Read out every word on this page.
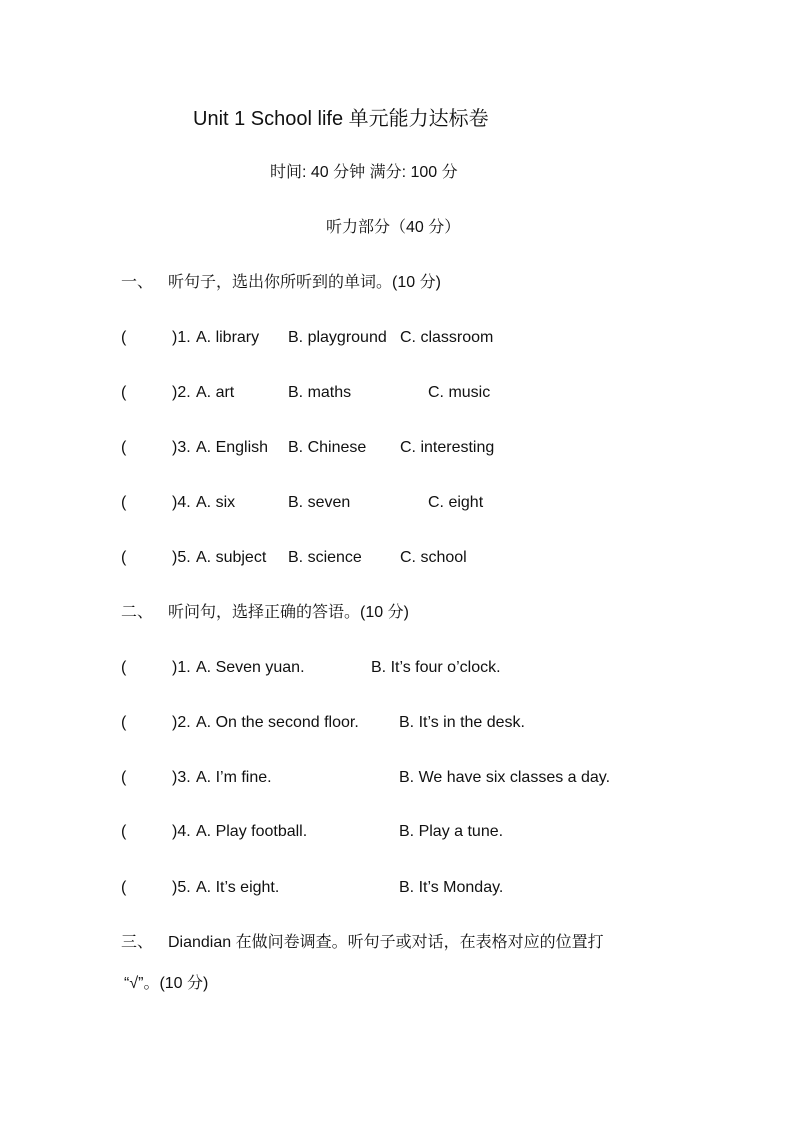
Unit 1 School life 单元能力达标卷
时间: 40 分钟 满分: 100 分
听力部分（40 分）
一、 听句子，选出你所听到的单词。(10 分)
(	)1. A. library B. playground C. classroom
(	)2. A. art	B. maths	C. music
(	)3. A. English B. Chinese C. interesting
(	)4. A. six	B. seven	C. eight
(	)5. A. subject B. science C. school
二、 听问句，选择正确的答语。(10 分)
(	)1. A. Seven yuan.	B. It’s four o’clock.
(	)2. A. On the second floor.	B. It’s in the desk.
(	)3. A. I’m fine.	B. We have six classes a day.
(	)4. A. Play football.	B. Play a tune.
(	)5. A. It’s eight.	B. It’s Monday.
三、 Diandian 在做问卷调查。听句子或对话，在表格对应的位置打
“√”。(10 分)
